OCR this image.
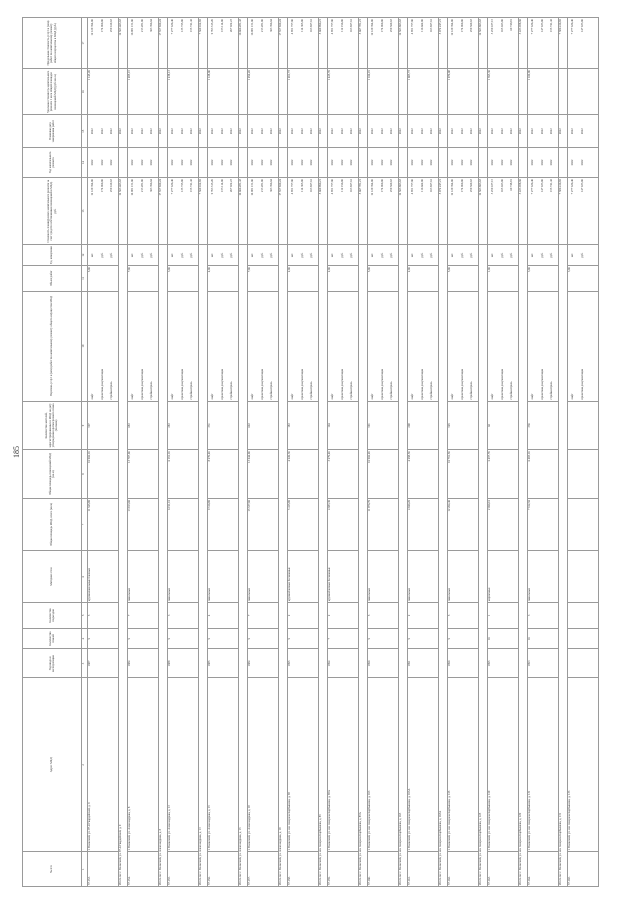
185
№ п/п	Адрес МКД	Год ввода в эксплуатацию	Количество этажей	Количество подъездов	Материал стен	Общая площадь МКД, всего (кв.м)	Общая площадь помещений МКД (кв.м)	Количество жителей, зарегистрированных в МКД на дату утверждения краткосрочного плана (человек)	Перечень услуг и (или) работ по капитальному ремонту общего имущества МКД	Объем работ	Ед. измерения	Стоимость планируемого капитального ремонта за счет средств собственников помещений в МКД, руб.	Год капитального ремонта	Плановая дата завершения работ	Удельная стоимость капитального ремонта 1 кв.м общей площади помещений МКД (руб./кв.м.)	Предельная стоимость услуг и (или) работ по капитальному ремонту общего имущества в МКД (руб.)
1	2	3	4	5	6	7	8	9	10	11	12	13	14	15	16	17
57.153.	г. Волжский, ул. 87-й Гвардейской, д. 9	1987	9	5	крупнопанельные блочные	11 545,80	10 962,10	507	лифт проектная документация стройконтроль	5,00	шт. руб. руб.	12 129 394,00 174 900,00 259 169,03	2022 2022 2022	2022 2022 2022	1 145,49	12 129 394,00 174 900,00 259 169,03

Итого по: г. Волжский, ул. 87-й Гвардейской, д. 9												12 563 463,03		2022		12 563 463,03
57.154.	г. Волжский, ул. Александрова, д. 8	1984	9	7	панельные	13 813,00	13 707,00	683	лифт проектная документация стройконтроль	7,00	шт. руб. руб.	16 981 151,60 213 281,00 363 396,64	2022 2022 2022	2022 2022 2022	1 285,15	16 981 151,60 213 281,00 363 396,64

Итого по: г. Волжский, ул. Александрова, д. 8												17 557 829,24		2022		17 557 829,24
57.155.	г. Волжский, ул. Александрова, д. 13	1988	9	3	панельные	6 191,10	6 191,10	283	лифт проектная документация стройконтроль	3,00	шт. руб. руб.	7 277 636,40 135 725,00 155 741,42	2022 2022 2022	2022 2022 2022	1 238,13	7 277 636,40 135 725,00 155 741,42

Итого по: г. Волжский, ул. Александрова, д. 13												7 569 102,82		2022		7 569 102,82
57.156.	г. Волжский, ул. Александрова, д. 15	1985	9	4	панельные	9 510,80	8 270,40	331	лифт проектная документация стройконтроль	4,00	шт. руб. руб.	9 703 515,20 155 114,00 207 652,23	2022 2022 2022	2022 2022 2022	1 128,00	9 703 515,20 155 114,00 207 652,23

Итого по: г. Волжский, ул. Александрова, д. 15												10 066 281,43		2022		10 066 281,43
57.157.	г. Волжский, ул. Александрова, д. 18	1984	9	7	панельные	15 537,00	13 644,00	663	лифт проектная документация стройконтроль	7,00	шт. руб. руб.	16 981 151,60 213 281,00 363 396,64	2022 2022 2022	2022 2022 2022	1 294,26	16 981 151,60 213 281,00 363 396,64

Итого по: г. Волжский, ул. Александрова, д. 18												17 557 829,24		2022		17 557 829,24
57.158.	г. Волжский, ул. им. генерала Карбышева, д. 85	1995	9	2	крупноблочные бесшовные	5 415,80	4 226,30	183	лифт проектная документация стройконтроль	2,00	шт. руб. руб.	4 851 757,60 114 305,00 103 827,61	2022 2022 2022	2022 2022 2022	1 201,73	4 851 757,60 114 305,00 103 827,61

Итого по: г. Волжский, ул. им. генерала Карбышева, д. 85												5 069 890,21		2022		5 069 890,21
57.159.	г. Волжский, ул. им. генерала Карбышева, д. 85А	1994	7	2	крупноблочные бесшовные	4 983,30	3 279,40	104	лифт проектная документация стройконтроль	2,00	шт. руб. руб.	4 851 757,60 112 196,00 103 827,61	2022 2022 2022	2022 2022 2022	1 425,76	4 851 757,60 112 196,00 103 827,61

Итого по: г. Волжский, ул. им. генерала Карбышева, д. 85А												5 067 781,21		2022		5 067 781,21
57.160.	г. Волжский, ул. им. генерала Карбышева, д. 103	1990	9	5	панельные	11 876,70	10 962,20	591	лифт проектная документация стройконтроль	5,00	шт. руб. руб.	12 129 394,00 174 900,00 259 569,03	2022 2022 2022	2022 2022 2022	1 166,19	12 129 394,00 174 900,00 259 569,03

Итого по: г. Волжский, ул. им. генерала Карбышева, д. 103												12 563 863,03		2022		12 563 863,03
57.161.	г. Волжский, ул. им. генерала Карбышева, д. 103А	1991	9	2	панельные	4 840,20	4 298,50	208	лифт проектная документация стройконтроль	2,00	шт. руб. руб.	4 851 757,60 116 662,00 103 827,61	2022 2022 2022	2022 2022 2022	1 083,73	4 851 757,60 116 662,00 103 827,61

Итого по: г. Волжский, ул. им. генерала Карбышева, д. 103А												5 072 247,21		2022		5 072 247,21
57.162.	г. Волжский, ул. им. генерала Карбышева, д. 125	1990	9	5	панельные	12 204,40	10 791,50	529	лифт проектная документация стройконтроль	5,00	шт. руб. руб.	12 129 394,00 174 900,00 259 569,03	2022 2022 2022	2022 2022 2022	1 070,08	12 129 394,00 174 900,00 259 569,03

Итого по: г. Волжский, ул. им. генерала Карбышева, д. 125												12 563 863,03		2022		12 563 863,03
57.163.	г. Волжский, ул. им. генерала Карбышева, д. 129	1995	10	1	кирпичные	2 690,10	2 457,70	62	лифт проектная документация стройконтроль	1,00	шт. руб. руб.	3 259 187,15 105 023,00 69 748,81	2022 2022 2022	2022 2022 2022	1 393,36	3 259 187,15 105 023,00 69 748,81

Итого по: г. Волжский, ул. им. генерала Карбышева, д. 129												3 433 958,96		2022		3 433 958,96
57.164.	г. Волжский, ул. им. генерала Карбышева, д. 131	1993	10	3	панельные	7 912,56	6 483,10	330	лифт проектная документация стройконтроль	3,00	шт. руб. руб.	7 277 636,40 147 033,00 155 741,42	2022 2022 2022	2022 2022 2022	1 169,90	7 277 636,40 147 033,00 155 741,42

Итого по: г. Волжский, ул. им. генерала Карбышева, д. 131												7 580 410,82		2022		7 580 410,82
57.165.	г. Волжский, ул. им. генерала Карбышева, д. 133								лифт проектная документация	3,00	шт. руб.	7 277 636,40 147 033,00	2022 2022	2022 2022		7 277 636,40 147 033,00
